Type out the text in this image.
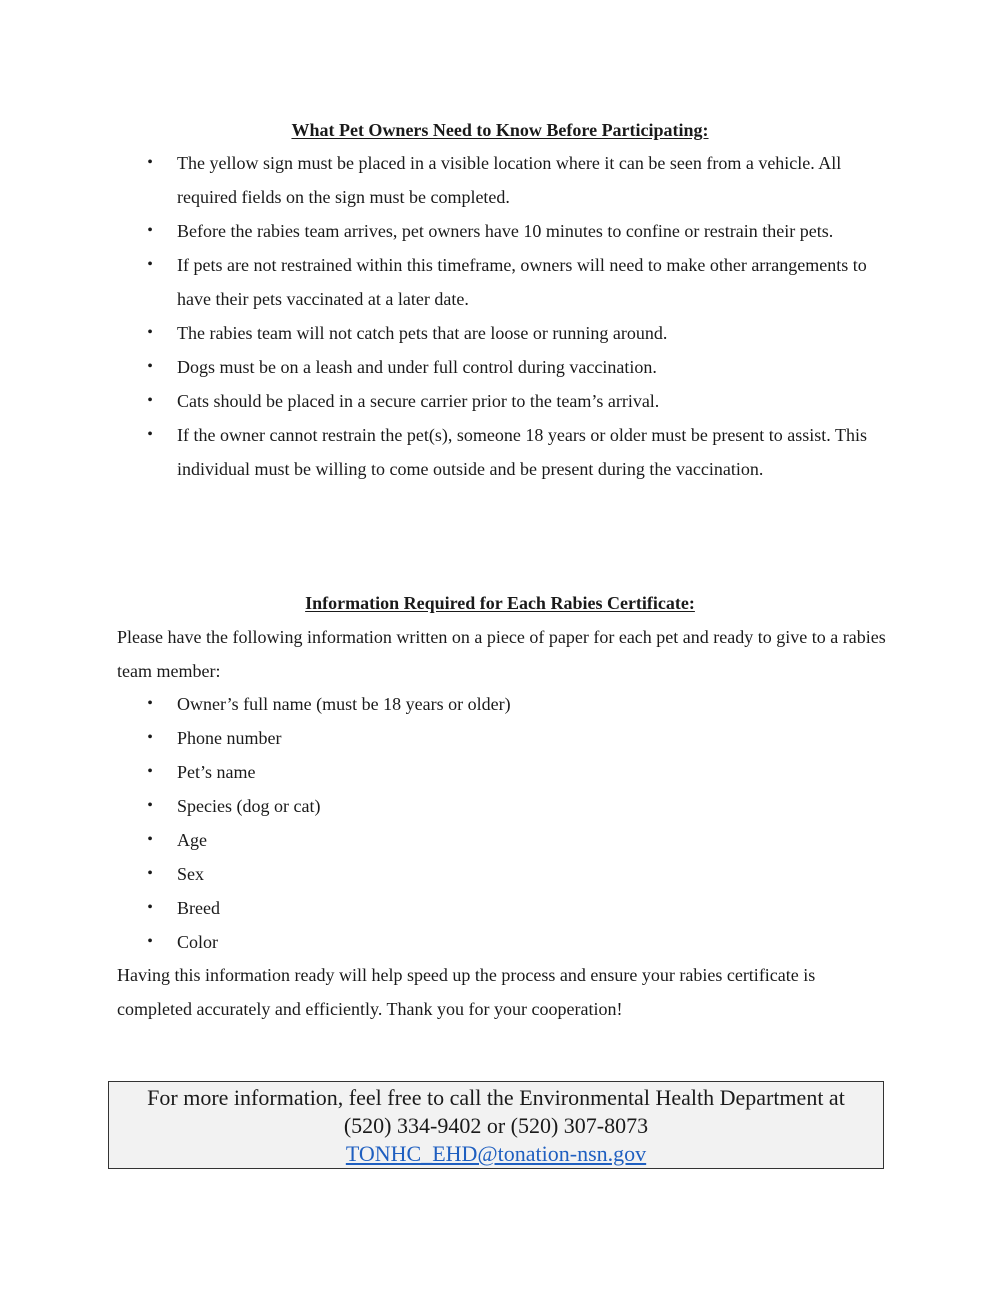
What Pet Owners Need to Know Before Participating:
• The yellow sign must be placed in a visible location where it can be seen from a vehicle. All required fields on the sign must be completed.
• Before the rabies team arrives, pet owners have 10 minutes to confine or restrain their pets.
• If pets are not restrained within this timeframe, owners will need to make other arrangements to have their pets vaccinated at a later date.
• The rabies team will not catch pets that are loose or running around.
• Dogs must be on a leash and under full control during vaccination.
• Cats should be placed in a secure carrier prior to the team’s arrival.
• If the owner cannot restrain the pet(s), someone 18 years or older must be present to assist. This individual must be willing to come outside and be present during the vaccination.
Information Required for Each Rabies Certificate:
Please have the following information written on a piece of paper for each pet and ready to give to a rabies team member:
• Owner’s full name (must be 18 years or older)
• Phone number
• Pet’s name
• Species (dog or cat)
• Age
• Sex
• Breed
• Color
Having this information ready will help speed up the process and ensure your rabies certificate is completed accurately and efficiently. Thank you for your cooperation!
For more information, feel free to call the Environmental Health Department at
(520) 334-9402 or (520) 307-8073
TONHC_EHD@tonation-nsn.gov
